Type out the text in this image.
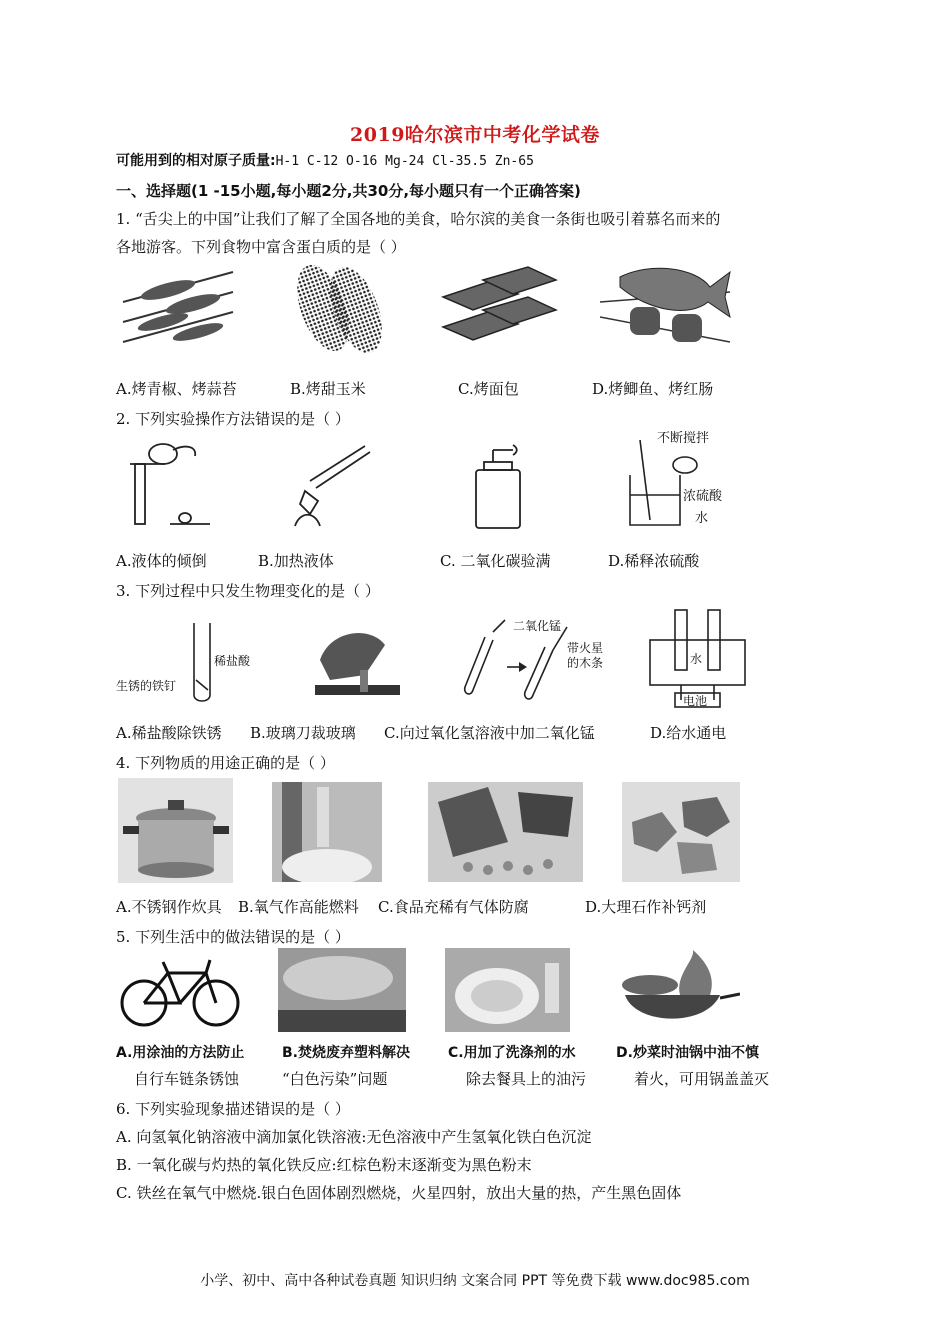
2019哈尔滨市中考化学试卷
可能用到的相对原子质量:H-1 C-12 O-16 Mg-24 Cl-35.5 Zn-65
一、选择题(1 -15小题,每小题2分,共30分,每小题只有一个正确答案)
1. “舌尖上的中国”让我们了解了全国各地的美食，哈尔滨的美食一条街也吸引着慕名而来的
各地游客。下列食物中富含蛋白质的是（ ）
A.烤青椒、烤蒜苔	B.烤甜玉米	C.烤面包	D.烤鲫鱼、烤红肠
2. 下列实验操作方法错误的是（ ）
不断搅拌
浓硫酸
水
A.液体的倾倒	B.加热液体	C. 二氧化碳验满	D.稀释浓硫酸
3. 下列过程中只发生物理变化的是（ ）
稀盐酸
生锈的铁钉
二氧化锰
带火星
的木条	水
电池
A.稀盐酸除铁锈 B.玻璃刀裁玻璃 C.向过氧化氢溶液中加二氧化锰	D.给水通电
4. 下列物质的用途正确的是（ ）
A.不锈钢作炊具 B.氧气作高能燃料 C.食品充稀有气体防腐	D.大理石作补钙剂
5. 下列生活中的做法错误的是（ ）
A.用涂油的方法防止
自行车链条锈蚀
B.焚烧废弃塑料解决
“白色污染”问题
C.用加了洗涤剂的水
除去餐具上的油污
D.炒菜时油锅中油不慎
着火，可用锅盖盖灭
6. 下列实验现象描述错误的是（ ）
A. 向氢氧化钠溶液中滴加氯化铁溶液:无色溶液中产生氢氧化铁白色沉淀
B. 一氧化碳与灼热的氧化铁反应:红棕色粉末逐渐变为黑色粉末
C. 铁丝在氧气中燃烧.银白色固体剧烈燃烧，火星四射，放出大量的热，产生黑色固体
小学、初中、高中各种试卷真题 知识归纳 文案合同 PPT 等免费下载 www.doc985.com
